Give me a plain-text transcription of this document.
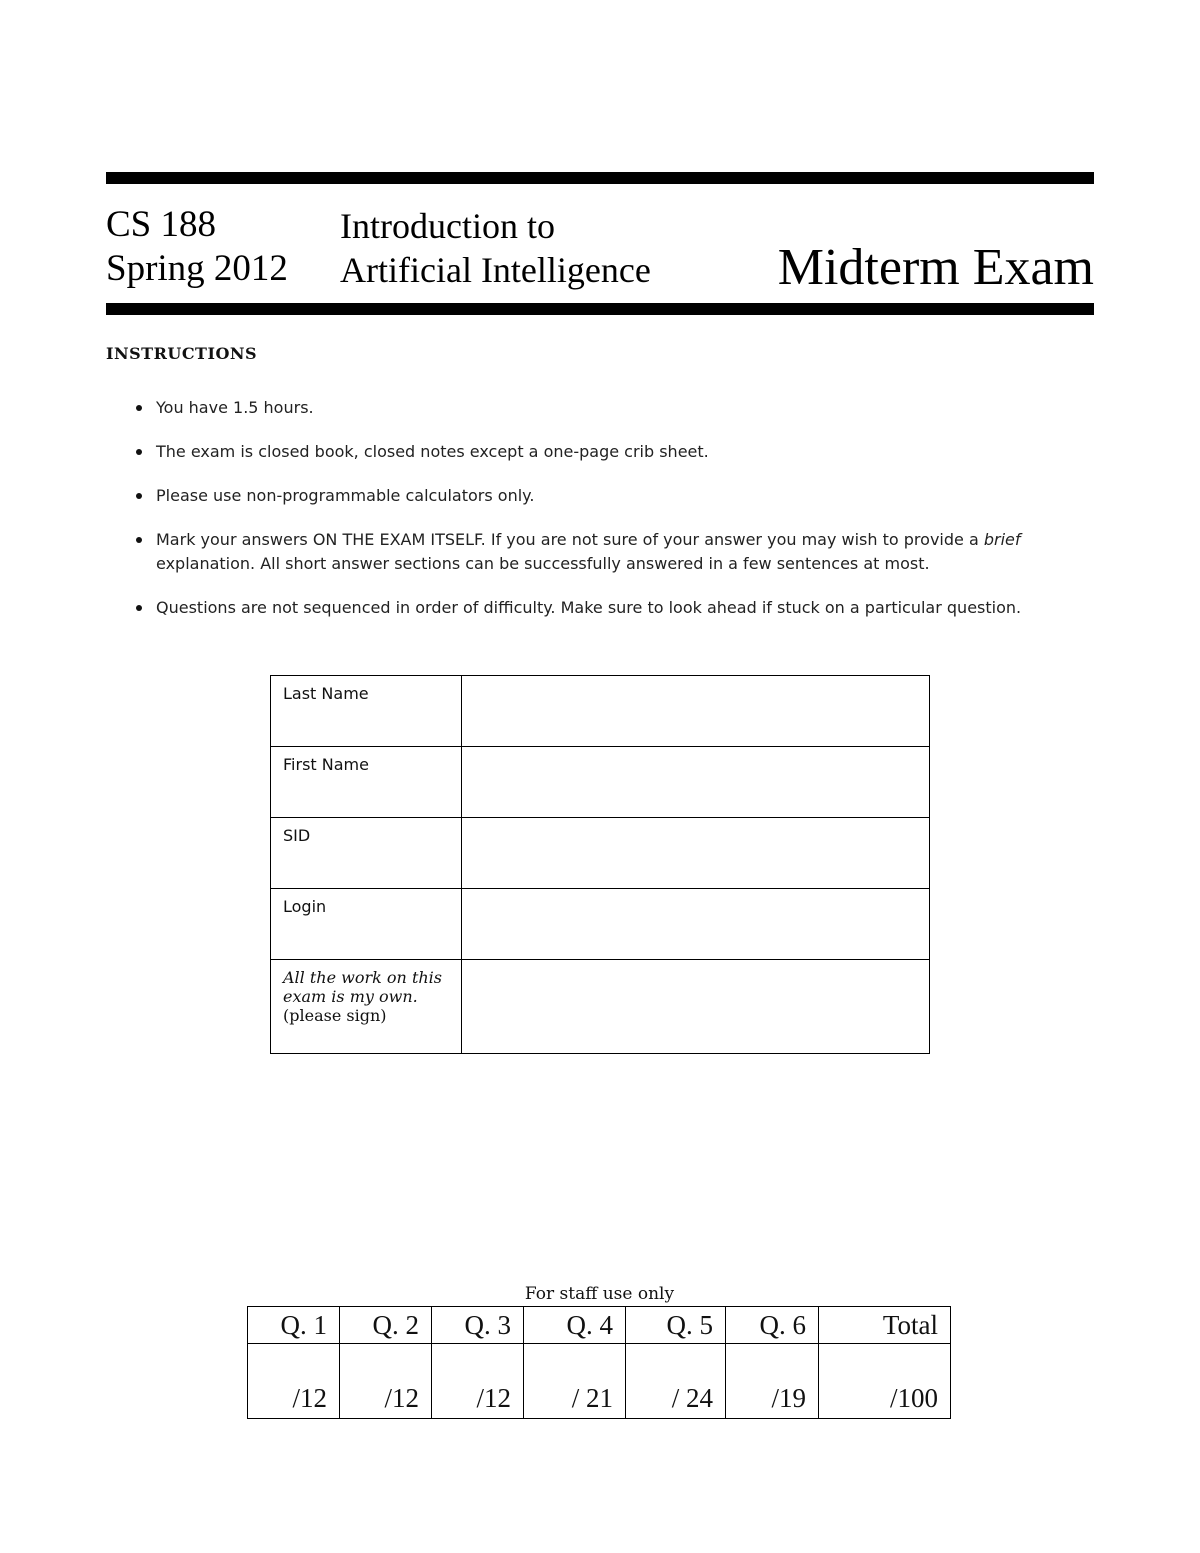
CS 188
Spring 2012
Introduction to
Artificial Intelligence Midterm Exam
INSTRUCTIONS
You have 1.5 hours.
The exam is closed book, closed notes except a one-page crib sheet.
Please use non-programmable calculators only.
Mark your answers ON THE EXAM ITSELF. If you are not sure of your answer you may wish to provide a brief explanation. All short answer sections can be successfully answered in a few sentences at most.
Questions are not sequenced in order of difficulty. Make sure to look ahead if stuck on a particular question.
Last Name	
First Name	
SID	
Login	
All the work on this exam is my own.
(please sign)	
For staff use only
Q. 1	Q. 2	Q. 3	Q. 4	Q. 5	Q. 6	Total
/12	/12	/12	/ 21	/ 24	/19	/100
